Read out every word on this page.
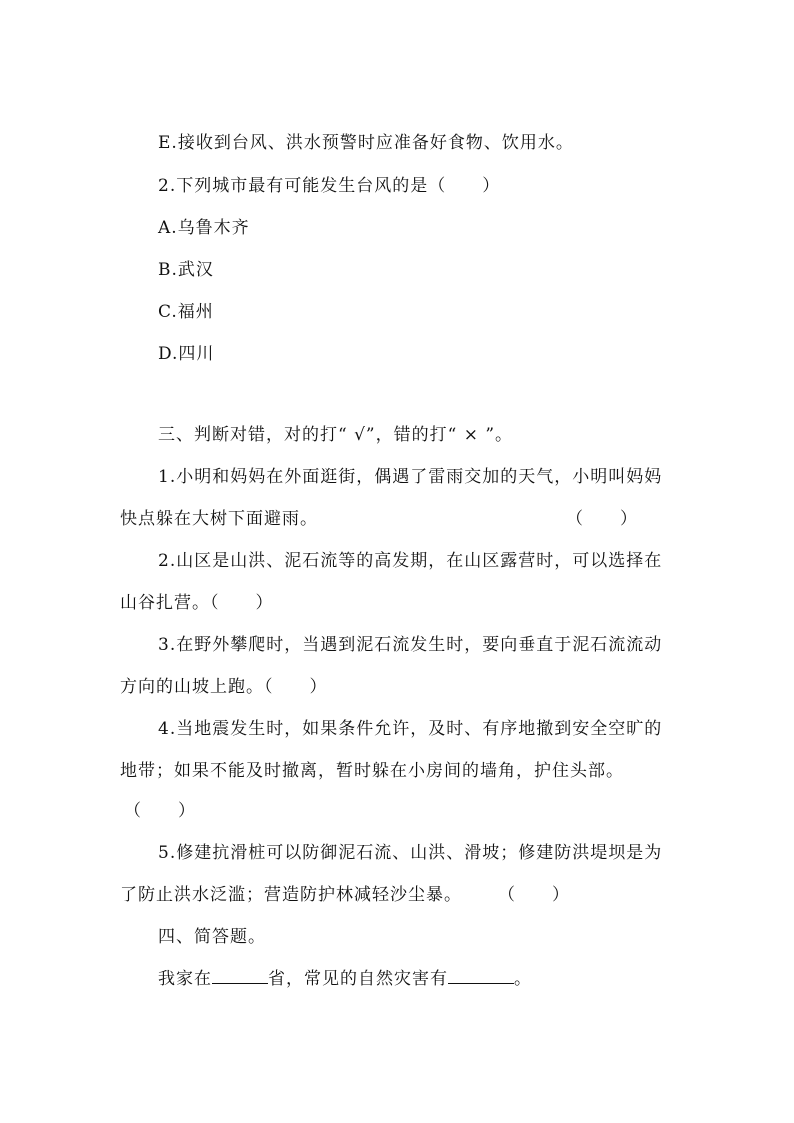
E.接收到台风、洪水预警时应准备好食物、饮用水。
2.下列城市最有可能发生台风的是（　　）
A.乌鲁木齐
B.武汉
C.福州
D.四川
三、判断对错，对的打“ √”，错的打“ × ”。
1.小明和妈妈在外面逛街，偶遇了雷雨交加的天气，小明叫妈妈
快点躲在大树下面避雨。	（　　）
2.山区是山洪、泥石流等的高发期，在山区露营时，可以选择在
山谷扎营。（　　）
3.在野外攀爬时，当遇到泥石流发生时，要向垂直于泥石流流动
方向的山坡上跑。（　　）
4.当地震发生时，如果条件允许，及时、有序地撤到安全空旷的
地带；如果不能及时撤离，暂时躲在小房间的墙角，护住头部。
（　　）
5.修建抗滑桩可以防御泥石流、山洪、滑坡；修建防洪堤坝是为
了防止洪水泛滥；营造防护林减轻沙尘暴。 （　　）
四、简答题。
我家在	省，常见的自然灾害有	。
